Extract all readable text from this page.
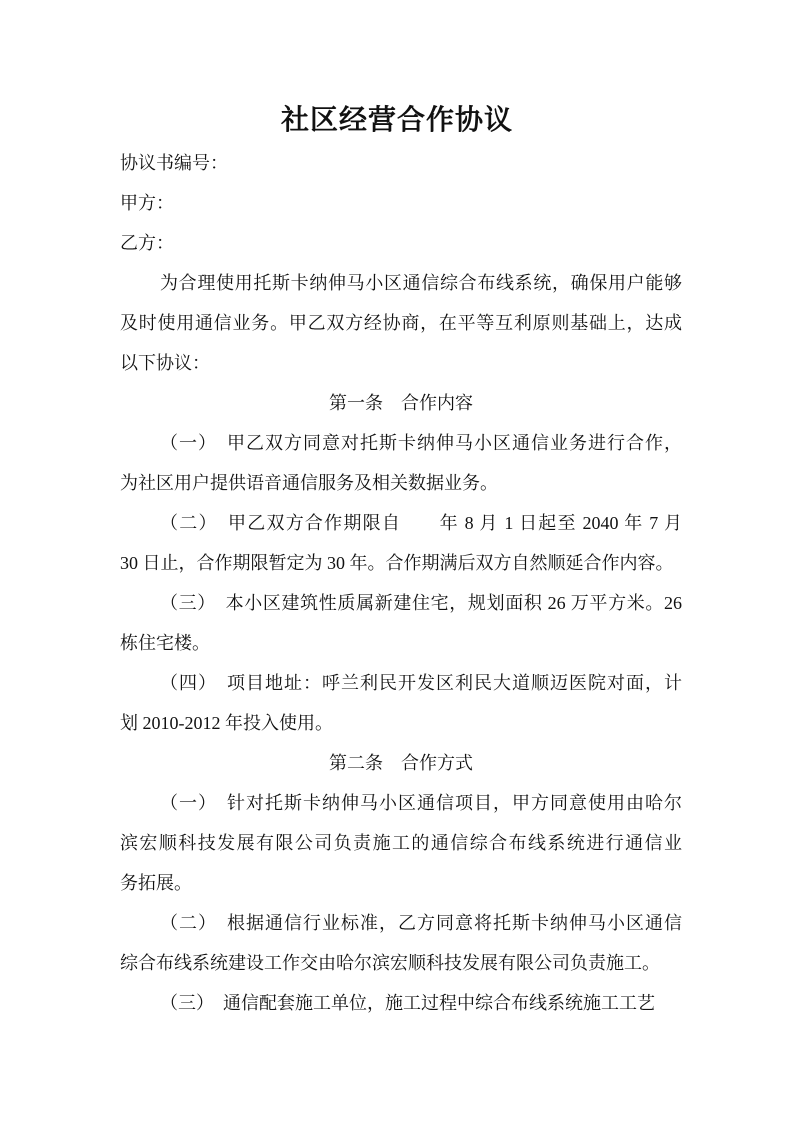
社区经营合作协议
协议书编号：
甲方：
乙方：
为合理使用托斯卡纳伸马小区通信综合布线系统，确保用户能够
及时使用通信业务。甲乙双方经协商，在平等互利原则基础上，达成
以下协议：
第一条　合作内容
（一）　甲乙双方同意对托斯卡纳伸马小区通信业务进行合作，
为社区用户提供语音通信服务及相关数据业务。
（二）　甲乙双方合作期限自　　年 8 月 1 日起至 2040 年 7 月
30 日止，合作期限暂定为 30 年。合作期满后双方自然顺延合作内容。
（三）　本小区建筑性质属新建住宅，规划面积 26 万平方米。26
栋住宅楼。
（四）　项目地址：呼兰利民开发区利民大道顺迈医院对面，计
划 2010-2012 年投入使用。
第二条　合作方式
（一）　针对托斯卡纳伸马小区通信项目，甲方同意使用由哈尔
滨宏顺科技发展有限公司负责施工的通信综合布线系统进行通信业
务拓展。
（二）　根据通信行业标准，乙方同意将托斯卡纳伸马小区通信
综合布线系统建设工作交由哈尔滨宏顺科技发展有限公司负责施工。
（三）　通信配套施工单位，施工过程中综合布线系统施工工艺
